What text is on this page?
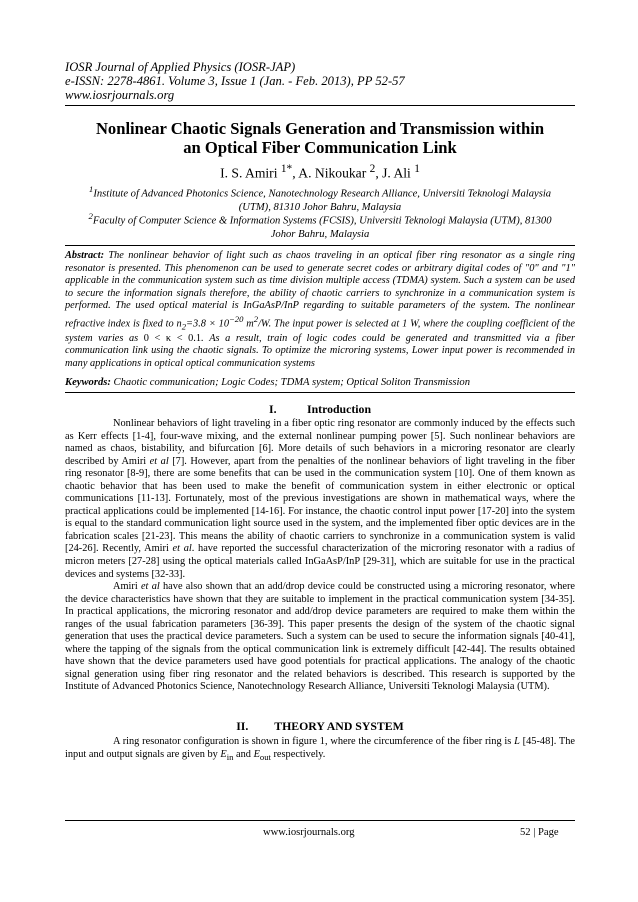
IOSR Journal of Applied Physics (IOSR-JAP)
e-ISSN: 2278-4861. Volume 3, Issue 1 (Jan. - Feb. 2013), PP 52-57
www.iosrjournals.org
Nonlinear Chaotic Signals Generation and Transmission within
an Optical Fiber Communication Link
I. S. Amiri $^{1*}$, A. Nikoukar $^2$, J. Ali $^1$
$^1$Institute of Advanced Photonics Science, Nanotechnology Research Alliance, Universiti Teknologi Malaysia
(UTM), 81310 Johor Bahru, Malaysia
$^2$Faculty of Computer Science & Information Systems (FCSIS), Universiti Teknologi Malaysia (UTM), 81300
Johor Bahru, Malaysia
Abstract: The nonlinear behavior of light such as chaos traveling in an optical fiber ring resonator as a single ring resonator is presented. This phenomenon can be used to generate secret codes or arbitrary digital codes of "0" and "1" applicable in the communication system such as time division multiple access (TDMA) system. Such a system can be used to secure the information signals therefore, the ability of chaotic carriers to synchronize in a communication system is performed. The used optical material is InGaAsP/InP regarding to suitable parameters of the system. The nonlinear refractive index is fixed to $n_2=3.8 \times 10^{-20}$ $m^2/W$. The input power is selected at 1 W, where the coupling coefficient of the system varies as 0 < κ < 0.1. As a result, train of logic codes could be generated and transmitted via a fiber communication link using the chaotic signals. To optimize the microring systems, Lower input power is recommended in many applications in optical optical communication systems
Keywords: Chaotic communication; Logic Codes; TDMA system; Optical Soliton Transmission
I.	Introduction

Nonlinear behaviors of light traveling in a fiber optic ring resonator are commonly induced by the effects such as Kerr effects [1-4], four-wave mixing, and the external nonlinear pumping power [5]. Such nonlinear behaviors are named as chaos, bistability, and bifurcation [6]. More details of such behaviors in a microring resonator are clearly described by Amiri et al [7]. However, apart from the penalties of the nonlinear behaviors of light traveling in the fiber ring resonator [8-9], there are some benefits that can be used in the communication system [10]. One of them known as chaotic behavior that has been used to make the benefit of communication system in either electronic or optical communications [11-13]. Fortunately, most of the previous investigations are shown in mathematical ways, where the practical applications could be implemented [14-16]. For instance, the chaotic control input power [17-20] into the system is equal to the standard communication light source used in the system, and the implemented fiber optic devices are in the fabrication scales [21-23]. This means the ability of chaotic carriers to synchronize in a communication system is valid [24-26]. Recently, Amiri et al. have reported the successful characterization of the microring resonator with a radius of micron meters [27-28] using the optical materials called InGaAsP/InP [29-31], which are suitable for use in the practical devices and systems [32-33].

Amiri et al have also shown that an add/drop device could be constructed using a microring resonator, where the device characteristics have shown that they are suitable to implement in the practical communication system [34-35]. In practical applications, the microring resonator and add/drop device parameters are required to make them within the ranges of the usual fabrication parameters [36-39]. This paper presents the design of the system of the chaotic signal generation that uses the practical device parameters. Such a system can be used to secure the information signals [40-41], where the tapping of the signals from the optical communication link is extremely difficult [42-44]. The results obtained have shown that the device parameters used have good potentials for practical applications. The analogy of the chaotic signal generation using fiber ring resonator and the related behaviors is described. This research is supported by the Institute of Advanced Photonics Science, Nanotechnology Research Alliance, Universiti Teknologi Malaysia (UTM).

II. THEORY AND SYSTEM

A ring resonator configuration is shown in figure 1, where the circumference of the fiber ring is L [45-48]. The input and output signals are given by $E_{in}$ and $E_{out}$ respectively.

www.iosrjournals.org	52 | Page
